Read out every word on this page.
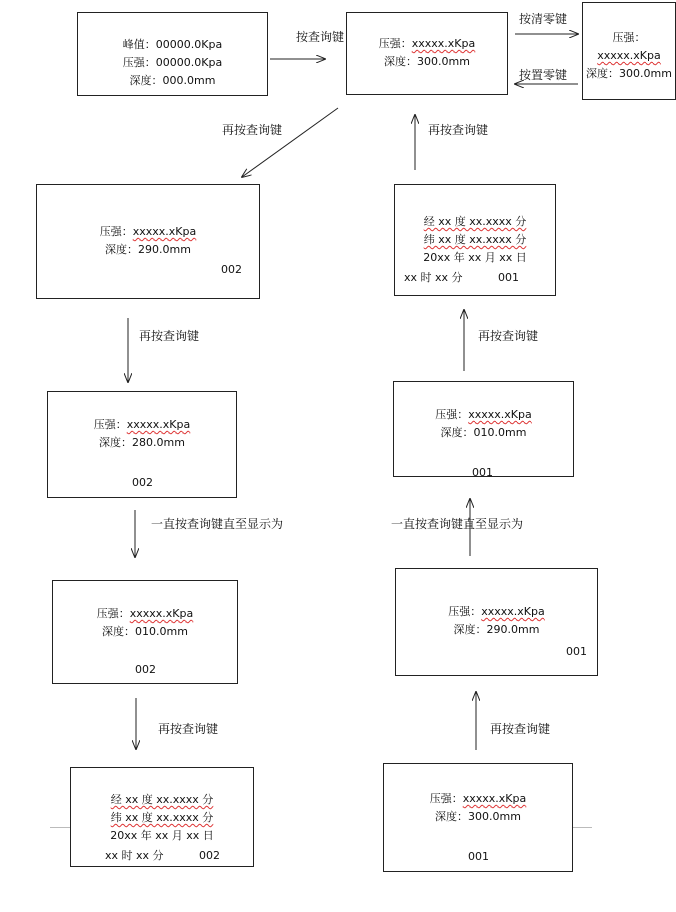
峰值：00000.0Kpa
压强：00000.0Kpa
深度：000.0mm
压强：xxxxx.xKpa
深度：300.0mm
压强：
xxxxx.xKpa
深度：300.0mm
压强：xxxxx.xKpa
深度：290.0mm
002
压强：xxxxx.xKpa
深度：280.0mm
002
压强：xxxxx.xKpa
深度：010.0mm
002
经 xx 度 xx.xxxx 分
纬 xx 度 xx.xxxx 分
20xx 年 xx 月 xx 日
xx 时 xx 分	002
经 xx 度 xx.xxxx 分
纬 xx 度 xx.xxxx 分
20xx 年 xx 月 xx 日
xx 时 xx 分	001
压强：xxxxx.xKpa
深度：010.0mm
001
压强：xxxxx.xKpa
深度：290.0mm
001
压强：xxxxx.xKpa
深度：300.0mm
001
按查询键
按清零键
按置零键
再按查询键	再按查询键
再按查询键	再按查询键
一直按查询键直至显示为	一直按查询键直至显示为
再按查询键	再按查询键
